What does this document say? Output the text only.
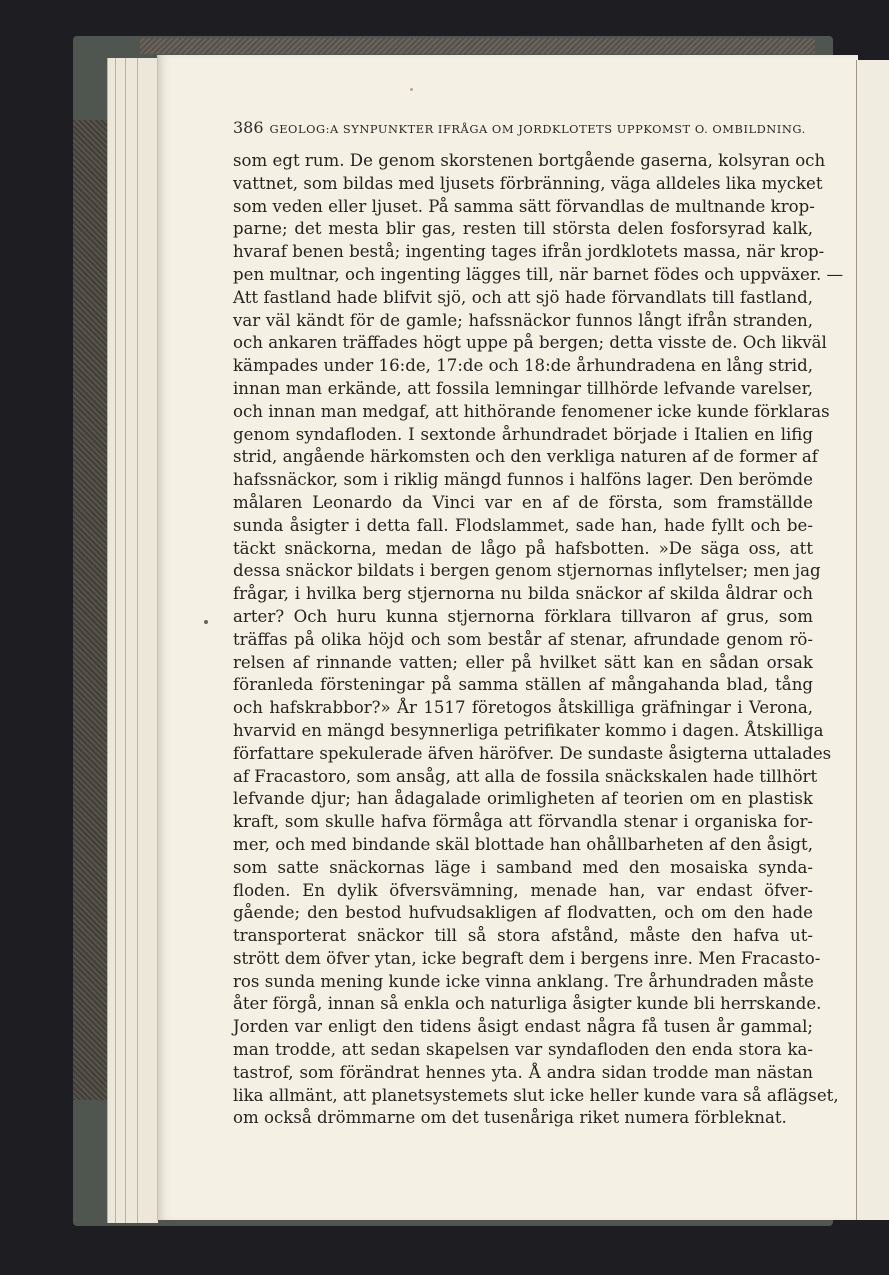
386 GEOLOG:A SYNPUNKTER IFRÅGA OM JORDKLOTETS UPPKOMST O. OMBILDNING.
som egt rum. De genom skorstenen bortgående gaserna, kolsyran och
vattnet, som bildas med ljusets förbränning, väga alldeles lika mycket
som veden eller ljuset. På samma sätt förvandlas de multnande krop-
parne; det mesta blir gas, resten till största delen fosforsyrad kalk,
hvaraf benen bestå; ingenting tages ifrån jordklotets massa, när krop-
pen multnar, och ingenting lägges till, när barnet födes och uppväxer. —
Att fastland hade blifvit sjö, och att sjö hade förvandlats till fastland,
var väl kändt för de gamle; hafssnäckor funnos långt ifrån stranden,
och ankaren träffades högt uppe på bergen; detta visste de. Och likväl
kämpades under 16:de, 17:de och 18:de århundradena en lång strid,
innan man erkände, att fossila lemningar tillhörde lefvande varelser,
och innan man medgaf, att hithörande fenomener icke kunde förklaras
genom syndafloden. I sextonde århundradet började i Italien en lifig
strid, angående härkomsten och den verkliga naturen af de former af
hafssnäckor, som i riklig mängd funnos i halföns lager. Den berömde
målaren Leonardo da Vinci var en af de första, som framställde
sunda åsigter i detta fall. Flodslammet, sade han, hade fyllt och be-
täckt snäckorna, medan de lågo på hafsbotten. »De säga oss, att
dessa snäckor bildats i bergen genom stjernornas inflytelser; men jag
frågar, i hvilka berg stjernorna nu bilda snäckor af skilda åldrar och
arter? Och huru kunna stjernorna förklara tillvaron af grus, som
träffas på olika höjd och som består af stenar, afrundade genom rö-
relsen af rinnande vatten; eller på hvilket sätt kan en sådan orsak
föranleda försteningar på samma ställen af mångahanda blad, tång
och hafskrabbor?» År 1517 företogos åtskilliga gräfningar i Verona,
hvarvid en mängd besynnerliga petrifikater kommo i dagen. Åtskilliga
författare spekulerade äfven häröfver. De sundaste åsigterna uttalades
af Fracastoro, som ansåg, att alla de fossila snäckskalen hade tillhört
lefvande djur; han ådagalade orimligheten af teorien om en plastisk
kraft, som skulle hafva förmåga att förvandla stenar i organiska for-
mer, och med bindande skäl blottade han ohållbarheten af den åsigt,
som satte snäckornas läge i samband med den mosaiska synda-
floden. En dylik öfversvämning, menade han, var endast öfver-
gående; den bestod hufvudsakligen af flodvatten, och om den hade
transporterat snäckor till så stora afstånd, måste den hafva ut-
strött dem öfver ytan, icke begraft dem i bergens inre. Men Fracasto-
ros sunda mening kunde icke vinna anklang. Tre århundraden måste
åter förgå, innan så enkla och naturliga åsigter kunde bli herrskande.
Jorden var enligt den tidens åsigt endast några få tusen år gammal;
man trodde, att sedan skapelsen var syndafloden den enda stora ka-
tastrof, som förändrat hennes yta. Å andra sidan trodde man nästan
lika allmänt, att planetsystemets slut icke heller kunde vara så aflägset,
om också drömmarne om det tusenåriga riket numera förbleknat.
